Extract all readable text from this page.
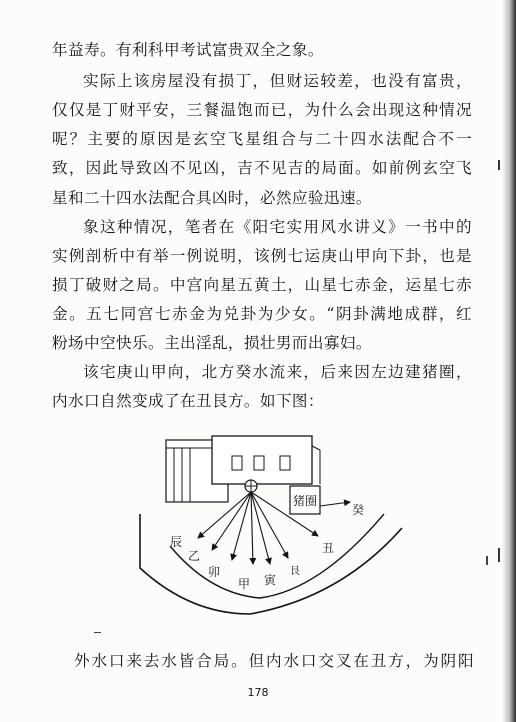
年益寿。有利科甲考试富贵双全之象。
实际上该房屋没有损丁，但财运较差，也没有富贵，
仅仅是丁财平安，三餐温饱而已，为什么会出现这种情况
呢？主要的原因是玄空飞星组合与二十四水法配合不一
致，因此导致凶不见凶，吉不见吉的局面。如前例玄空飞
星和二十四水法配合具凶时，必然应验迅速。
象这种情况，笔者在《阳宅实用风水讲义》一书中的
实例剖析中有举一例说明，该例七运庚山甲向下卦，也是
损丁破财之局。中宫向星五黄土，山星七赤金，运星七赤
金。五七同宫七赤金为兑卦为少女。“阴卦满地成群，红
粉场中空快乐。主出淫乱，损壮男而出寡妇。
该宅庚山甲向，北方癸水流来，后来因左边建猪圈，
内水口自然变成了在丑艮方。如下图：
猪圈
癸
丑
辰
乙
卯
甲 寅
艮
外水口来去水皆合局。但内水口交叉在丑方，为阴阳
178
